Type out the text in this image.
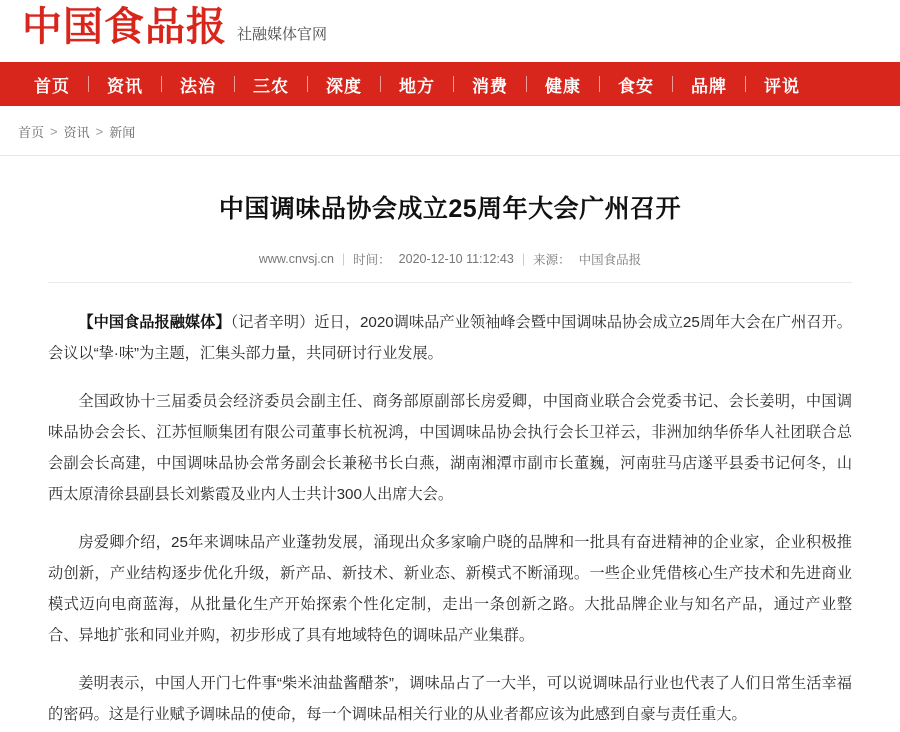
中国食品报 社融媒体官网
首页	资讯	法治	三农	深度	地方	消费	健康	食安	品牌	评说
首页 > 资讯 > 新闻
中国调味品协会成立25周年大会广州召开
www.cnvsj.cn | 时间： 2020-12-10 11:12:43 | 来源： 中国食品报

【中国食品报融媒体】（记者辛明）近日，2020调味品产业领袖峰会暨中国调味品协会成立25周年大会在广州召开。会议以“挚·味”为主题，汇集头部力量，共同研讨行业发展。

全国政协十三届委员会经济委员会副主任、商务部原副部长房爱卿，中国商业联合会党委书记、会长姜明，中国调味品协会会长、江苏恒顺集团有限公司董事长杭祝鸿，中国调味品协会执行会长卫祥云，非洲加纳华侨华人社团联合总会副会长高建，中国调味品协会常务副会长兼秘书长白燕，湖南湘潭市副市长董巍，河南驻马店遂平县委书记何冬，山西太原清徐县副县长刘紫霞及业内人士共计300人出席大会。

房爱卿介绍，25年来调味品产业蓬勃发展，涌现出众多家喻户晓的品牌和一批具有奋进精神的企业家，企业积极推动创新，产业结构逐步优化升级，新产品、新技术、新业态、新模式不断涌现。一些企业凭借核心生产技术和先进商业模式迈向电商蓝海，从批量化生产开始探索个性化定制，走出一条创新之路。大批品牌企业与知名产品，通过产业整合、异地扩张和同业并购，初步形成了具有地域特色的调味品产业集群。

姜明表示，中国人开门七件事“柴米油盐酱醋茶”，调味品占了一大半，可以说调味品行业也代表了人们日常生活幸福的密码。这是行业赋予调味品的使命，每一个调味品相关行业的从业者都应该为此感到自豪与责任重大。
